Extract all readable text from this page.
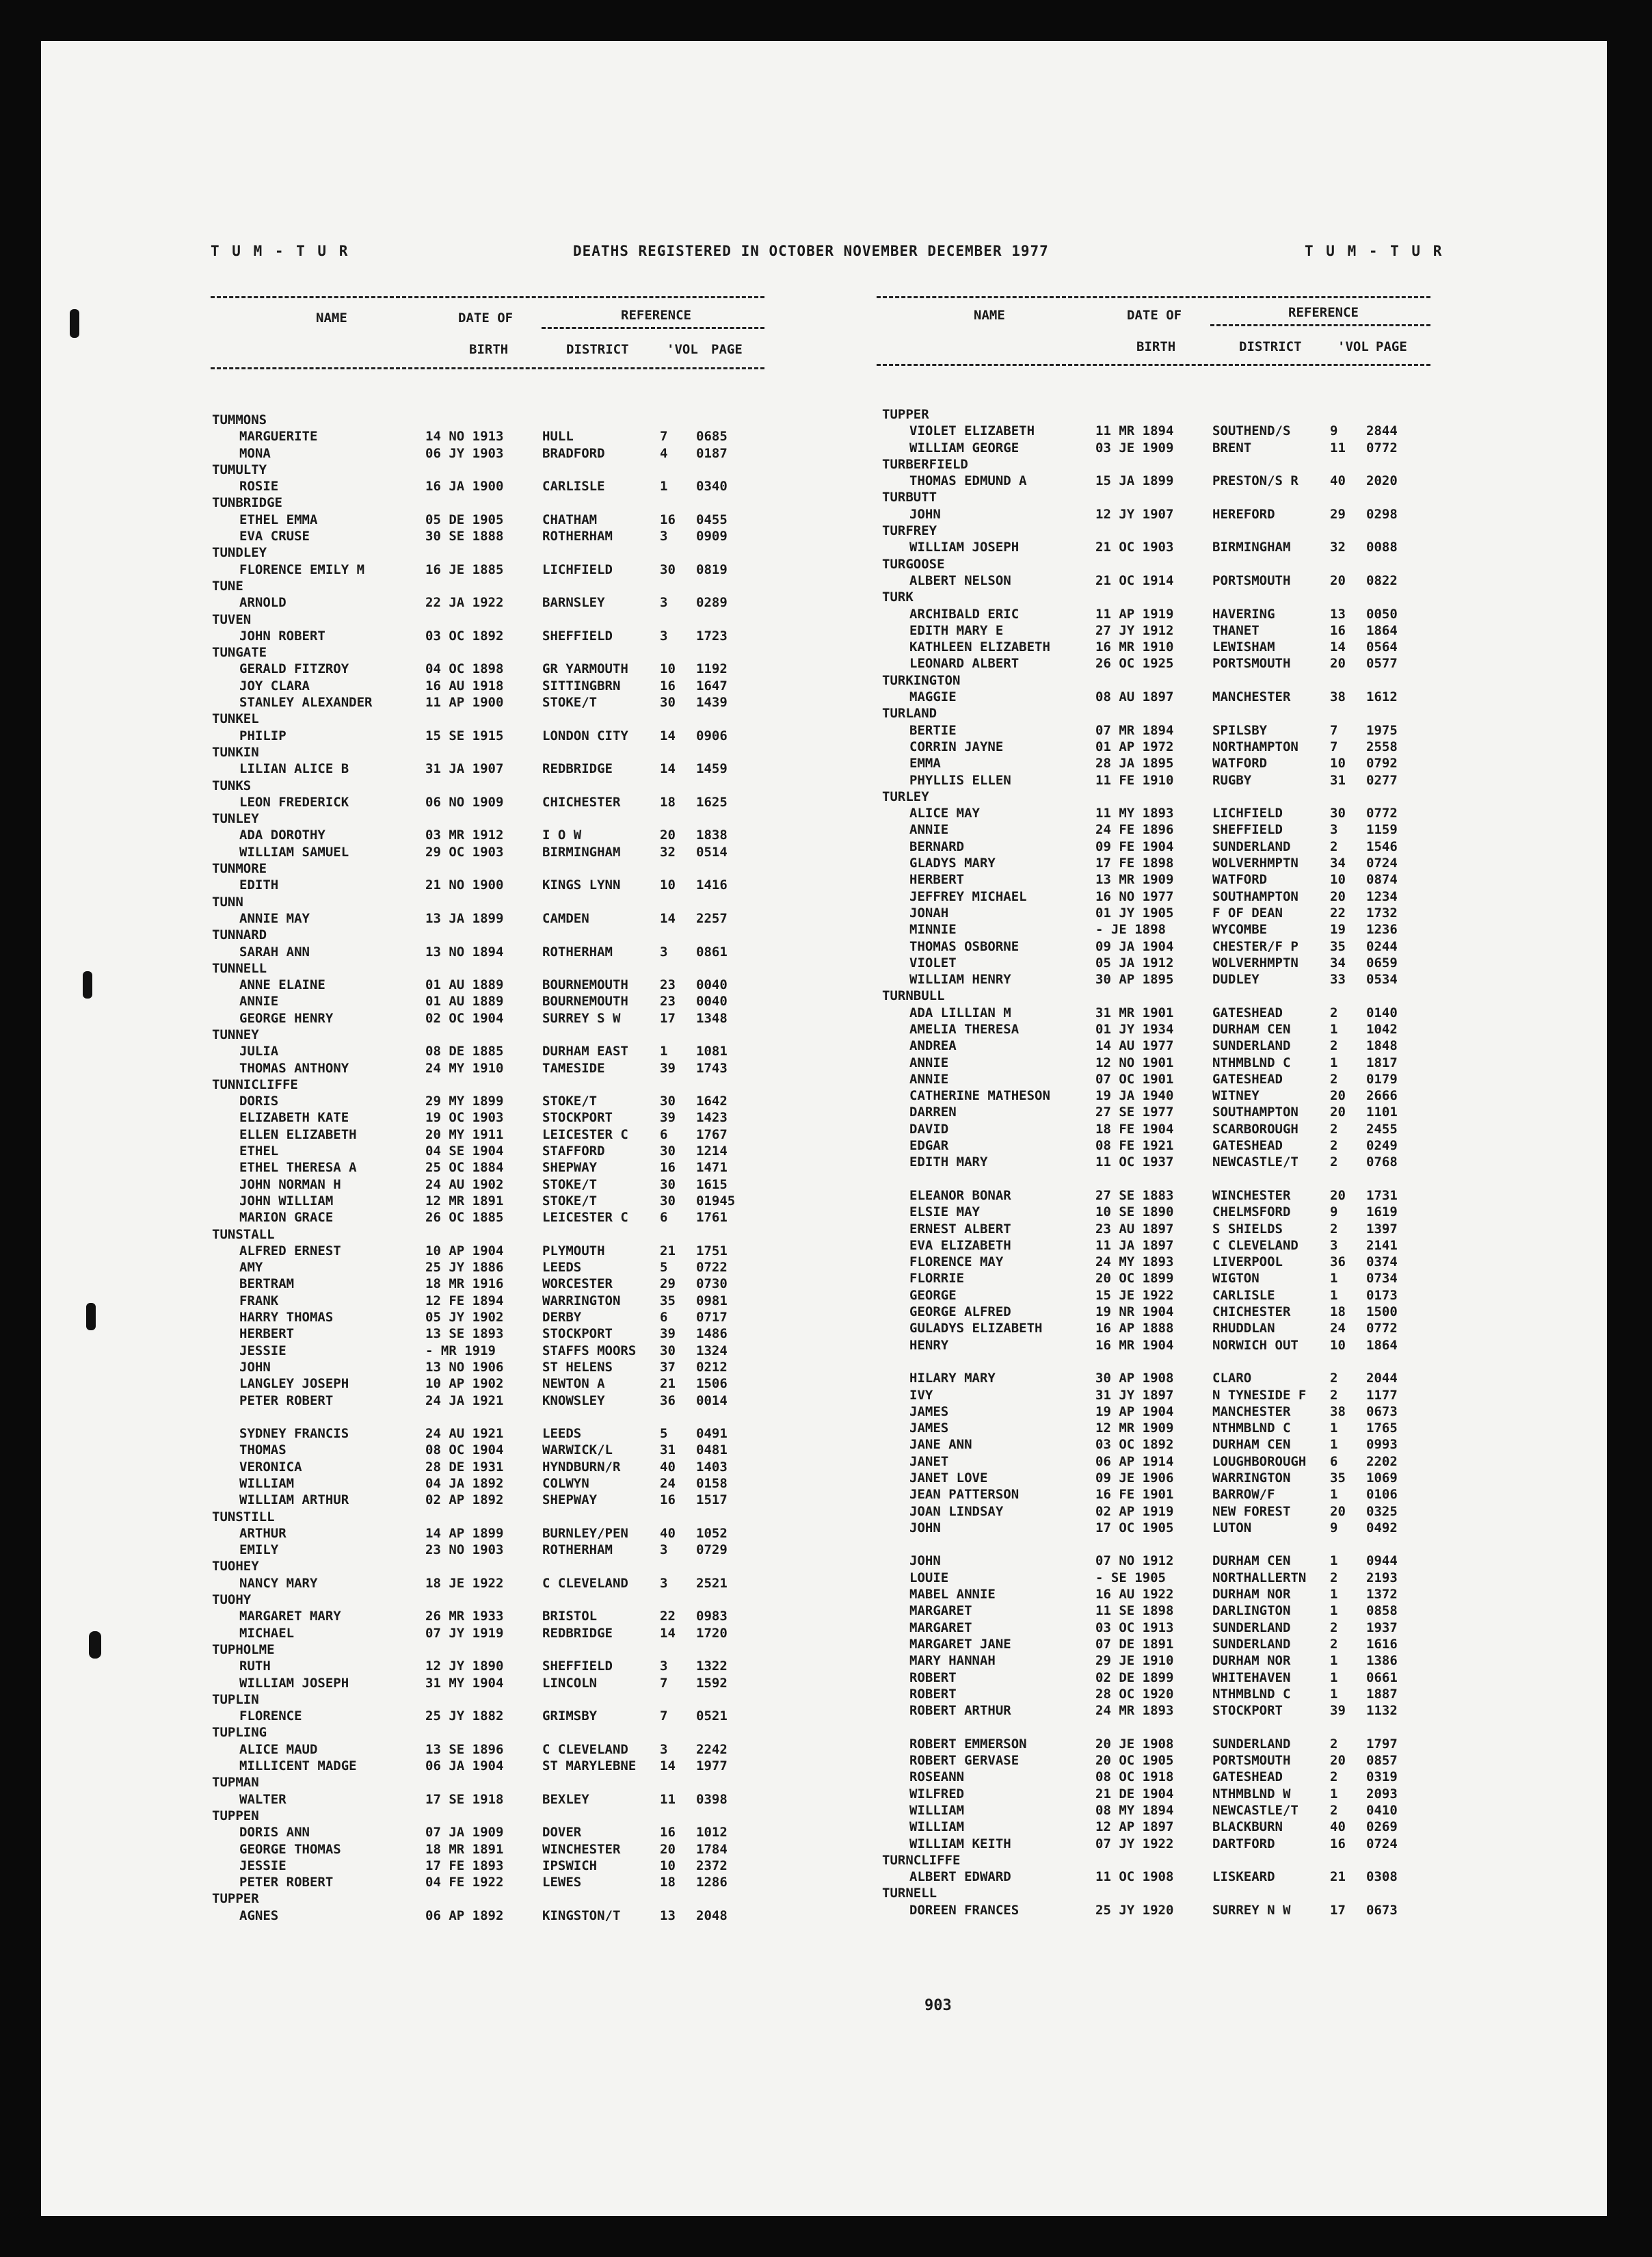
T U M - T U R	DEATHS REGISTERED IN OCTOBER NOVEMBER DECEMBER 1977	T U M - T U R
NAME	DATE OF	REFERENCE
BIRTH	DISTRICT	'VOL PAGE
NAME	DATE OF	REFERENCE
BIRTH	DISTRICT	'VOL PAGE
TUMMONS
MARGUERITE	14 NO 1913	HULL	7 0685
MONA	06 JY 1903	BRADFORD	4 0187
TUMULTY
ROSIE	16 JA 1900	CARLISLE	1 0340
TUNBRIDGE
ETHEL EMMA	05 DE 1905	CHATHAM	16 0455
EVA CRUSE	30 SE 1888	ROTHERHAM	3 0909
TUNDLEY
FLORENCE EMILY M	16 JE 1885	LICHFIELD	30 0819
TUNE
ARNOLD	22 JA 1922	BARNSLEY	3 0289
TUVEN
JOHN ROBERT	03 OC 1892	SHEFFIELD	3 1723
TUNGATE
GERALD FITZROY	04 OC 1898	GR YARMOUTH 10 1192
JOY CLARA	16 AU 1918	SITTINGBRN	16 1647
STANLEY ALEXANDER	11 AP 1900	STOKE/T	30 1439
TUNKEL
PHILIP	15 SE 1915	LONDON CITY 14 0906
TUNKIN
LILIAN ALICE B	31 JA 1907	REDBRIDGE	14 1459
TUNKS
LEON FREDERICK	06 NO 1909	CHICHESTER	18 1625
TUNLEY
ADA DOROTHY	03 MR 1912	I O W	20 1838
WILLIAM SAMUEL	29 OC 1903	BIRMINGHAM	32 0514
TUNMORE
EDITH	21 NO 1900	KINGS LYNN	10 1416
TUNN
ANNIE MAY	13 JA 1899	CAMDEN	14 2257
TUNNARD
SARAH ANN	13 NO 1894	ROTHERHAM	3 0861
TUNNELL
ANNE ELAINE	01 AU 1889	BOURNEMOUTH 23 0040
ANNIE	01 AU 1889	BOURNEMOUTH 23 0040
GEORGE HENRY	02 OC 1904	SURREY S W	17 1348
TUNNEY
JULIA	08 DE 1885	DURHAM EAST 1 1081
THOMAS ANTHONY	24 MY 1910	TAMESIDE	39 1743
TUNNICLIFFE
DORIS	29 MY 1899	STOKE/T	30 1642
ELIZABETH KATE	19 OC 1903	STOCKPORT	39 1423
ELLEN ELIZABETH	20 MY 1911	LEICESTER C 6 1767
ETHEL	04 SE 1904	STAFFORD	30 1214
ETHEL THERESA A	25 OC 1884	SHEPWAY	16 1471
JOHN NORMAN H	24 AU 1902	STOKE/T	30 1615
JOHN WILLIAM	12 MR 1891	STOKE/T	30 01945
MARION GRACE	26 OC 1885	LEICESTER C 6 1761
TUNSTALL
ALFRED ERNEST	10 AP 1904	PLYMOUTH	21 1751
AMY	25 JY 1886	LEEDS	5 0722
BERTRAM	18 MR 1916	WORCESTER	29 0730
FRANK	12 FE 1894	WARRINGTON	35 0981
HARRY THOMAS	05 JY 1902	DERBY	6 0717
HERBERT	13 SE 1893	STOCKPORT	39 1486
JESSIE	- MR 1919	STAFFS MOORS 30 1324
JOHN	13 NO 1906	ST HELENS	37 0212
LANGLEY JOSEPH	10 AP 1902	NEWTON A	21 1506
PETER ROBERT	24 JA 1921	KNOWSLEY	36 0014
SYDNEY FRANCIS	24 AU 1921	LEEDS	5 0491
THOMAS	08 OC 1904	WARWICK/L	31 0481
VERONICA	28 DE 1931	HYNDBURN/R	40 1403
WILLIAM	04 JA 1892	COLWYN	24 0158
WILLIAM ARTHUR	02 AP 1892	SHEPWAY	16 1517
TUNSTILL
ARTHUR	14 AP 1899	BURNLEY/PEN 40 1052
EMILY	23 NO 1903	ROTHERHAM	3 0729
TUOHEY
NANCY MARY	18 JE 1922	C CLEVELAND 3 2521
TUOHY
MARGARET MARY	26 MR 1933	BRISTOL	22 0983
MICHAEL	07 JY 1919	REDBRIDGE	14 1720
TUPHOLME
RUTH	12 JY 1890	SHEFFIELD	3 1322
WILLIAM JOSEPH	31 MY 1904	LINCOLN	7 1592
TUPLIN
FLORENCE	25 JY 1882	GRIMSBY	7 0521
TUPLING
ALICE MAUD	13 SE 1896	C CLEVELAND 3 2242
MILLICENT MADGE	06 JA 1904	ST MARYLEBNE 14 1977
TUPMAN
WALTER	17 SE 1918	BEXLEY	11 0398
TUPPEN
DORIS ANN	07 JA 1909	DOVER	16 1012
GEORGE THOMAS	18 MR 1891	WINCHESTER	20 1784
JESSIE	17 FE 1893	IPSWICH	10 2372
PETER ROBERT	04 FE 1922	LEWES	18 1286
TUPPER
AGNES	06 AP 1892	KINGSTON/T	13 2048
TUPPER
VIOLET ELIZABETH	11 MR 1894	SOUTHEND/S	9 2844
WILLIAM GEORGE	03 JE 1909	BRENT	11 0772
TURBERFIELD
THOMAS EDMUND A	15 JA 1899	PRESTON/S R 40 2020
TURBUTT
JOHN	12 JY 1907	HEREFORD	29 0298
TURFREY
WILLIAM JOSEPH	21 OC 1903	BIRMINGHAM	32 0088
TURGOOSE
ALBERT NELSON	21 OC 1914	PORTSMOUTH	20 0822
TURK
ARCHIBALD ERIC	11 AP 1919	HAVERING	13 0050
EDITH MARY E	27 JY 1912	THANET	16 1864
KATHLEEN ELIZABETH	16 MR 1910	LEWISHAM	14 0564
LEONARD ALBERT	26 OC 1925	PORTSMOUTH	20 0577
TURKINGTON
MAGGIE	08 AU 1897	MANCHESTER	38 1612
TURLAND
BERTIE	07 MR 1894	SPILSBY	7 1975
CORRIN JAYNE	01 AP 1972	NORTHAMPTON 7 2558
EMMA	28 JA 1895	WATFORD	10 0792
PHYLLIS ELLEN	11 FE 1910	RUGBY	31 0277
TURLEY
ALICE MAY	11 MY 1893	LICHFIELD	30 0772
ANNIE	24 FE 1896	SHEFFIELD	3 1159
BERNARD	09 FE 1904	SUNDERLAND	2 1546
GLADYS MARY	17 FE 1898	WOLVERHMPTN 34 0724
HERBERT	13 MR 1909	WATFORD	10 0874
JEFFREY MICHAEL	16 NO 1977	SOUTHAMPTON 20 1234
JONAH	01 JY 1905	F OF DEAN	22 1732
MINNIE	- JE 1898	WYCOMBE	19 1236
THOMAS OSBORNE	09 JA 1904	CHESTER/F P 35 0244
VIOLET	05 JA 1912	WOLVERHMPTN 34 0659
WILLIAM HENRY	30 AP 1895	DUDLEY	33 0534
TURNBULL
ADA LILLIAN M	31 MR 1901	GATESHEAD	2 0140
AMELIA THERESA	01 JY 1934	DURHAM CEN	1 1042
ANDREA	14 AU 1977	SUNDERLAND	2 1848
ANNIE	12 NO 1901	NTHMBLND C	1 1817
ANNIE	07 OC 1901	GATESHEAD	2 0179
CATHERINE MATHESON	19 JA 1940	WITNEY	20 2666
DARREN	27 SE 1977	SOUTHAMPTON 20 1101
DAVID	18 FE 1904	SCARBOROUGH 2 2455
EDGAR	08 FE 1921	GATESHEAD	2 0249
EDITH MARY	11 OC 1937	NEWCASTLE/T 2 0768
ELEANOR BONAR	27 SE 1883	WINCHESTER	20 1731
ELSIE MAY	10 SE 1890	CHELMSFORD	9 1619
ERNEST ALBERT	23 AU 1897	S SHIELDS	2 1397
EVA ELIZABETH	11 JA 1897	C CLEVELAND 3 2141
FLORENCE MAY	24 MY 1893	LIVERPOOL	36 0374
FLORRIE	20 OC 1899	WIGTON	1 0734
GEORGE	15 JE 1922	CARLISLE	1 0173
GEORGE ALFRED	19 NR 1904	CHICHESTER	18 1500
GULADYS ELIZABETH	16 AP 1888	RHUDDLAN	24 0772
HENRY	16 MR 1904	NORWICH OUT 10 1864
HILARY MARY	30 AP 1908	CLARO	2 2044
IVY	31 JY 1897	N TYNESIDE F 2 1177
JAMES	19 AP 1904	MANCHESTER	38 0673
JAMES	12 MR 1909	NTHMBLND C	1 1765
JANE ANN	03 OC 1892	DURHAM CEN	1 0993
JANET	06 AP 1914	LOUGHBOROUGH 6 2202
JANET LOVE	09 JE 1906	WARRINGTON	35 1069
JEAN PATTERSON	16 FE 1901	BARROW/F	1 0106
JOAN LINDSAY	02 AP 1919	NEW FOREST	20 0325
JOHN	17 OC 1905	LUTON	9 0492
JOHN	07 NO 1912	DURHAM CEN	1 0944
LOUIE	- SE 1905	NORTHALLERTN 2 2193
MABEL ANNIE	16 AU 1922	DURHAM NOR	1 1372
MARGARET	11 SE 1898	DARLINGTON	1 0858
MARGARET	03 OC 1913	SUNDERLAND	2 1937
MARGARET JANE	07 DE 1891	SUNDERLAND	2 1616
MARY HANNAH	29 JE 1910	DURHAM NOR	1 1386
ROBERT	02 DE 1899	WHITEHAVEN	1 0661
ROBERT	28 OC 1920	NTHMBLND C	1 1887
ROBERT ARTHUR	24 MR 1893	STOCKPORT	39 1132
ROBERT EMMERSON	20 JE 1908	SUNDERLAND	2 1797
ROBERT GERVASE	20 OC 1905	PORTSMOUTH	20 0857
ROSEANN	08 OC 1918	GATESHEAD	2 0319
WILFRED	21 DE 1904	NTHMBLND W	1 2093
WILLIAM	08 MY 1894	NEWCASTLE/T 2 0410
WILLIAM	12 AP 1897	BLACKBURN	40 0269
WILLIAM KEITH	07 JY 1922	DARTFORD	16 0724
TURNCLIFFE
ALBERT EDWARD	11 OC 1908	LISKEARD	21 0308
TURNELL
DOREEN FRANCES	25 JY 1920	SURREY N W	17 0673
903
